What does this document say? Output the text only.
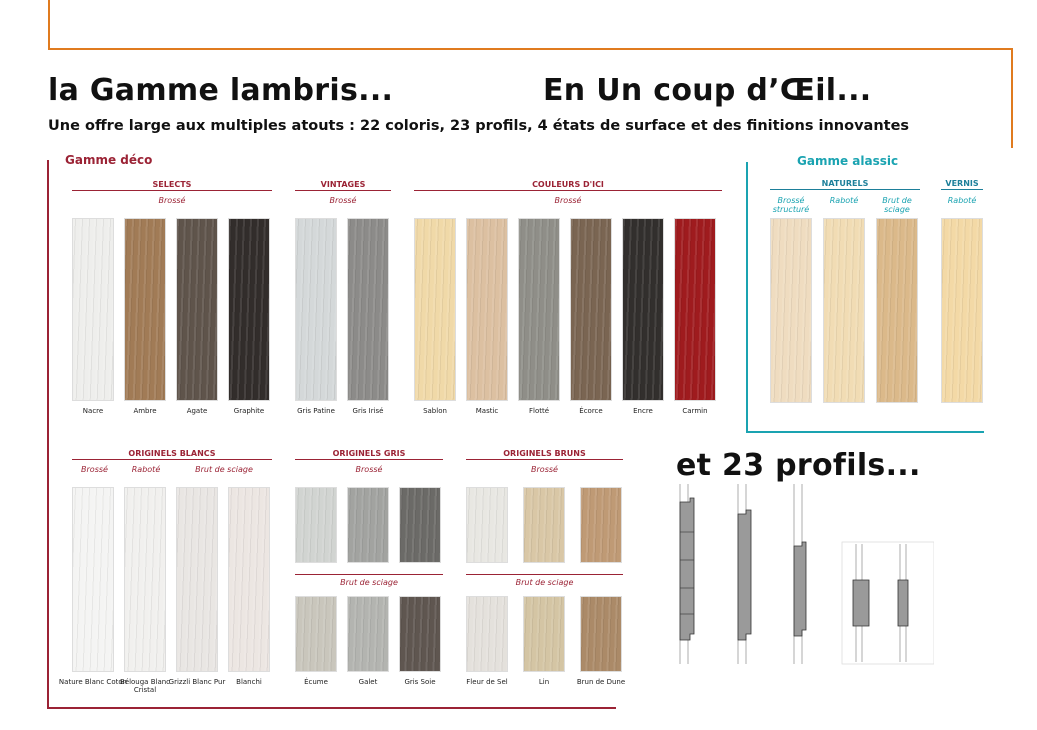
la Gamme lambris...	En Un coup d’Œil...
Une offre large aux multiples atouts : 22 coloris, 23 profils, 4 états de surface et des finitions innovantes
Gamme déco
SELECTS
Brossé
Nacre	Ambre	Agate	Graphite
VINTAGES
Brossé
Gris Patine	Gris Irisé
COULEURS D'ICI
Brossé
Sablon	Mastic	Flotté	Écorce	Encre	Carmin
ORIGINELS BLANCS
Brossé	Raboté	Brut de sciage
Nature Blanc Coton
Bélouga Blanc Cristal
Grizzli Blanc Pur	Blanchi
ORIGINELS GRIS
Brossé
Brut de sciage
Écume	Galet	Gris Soie
ORIGINELS BRUNS
Brossé
Brut de sciage
Fleur de Sel	Lin	Brun de Dune
Gamme alassic
NATURELS	VERNIS
Brossé structuré
Raboté	Brut de sciage
Raboté
et 23 profils...
